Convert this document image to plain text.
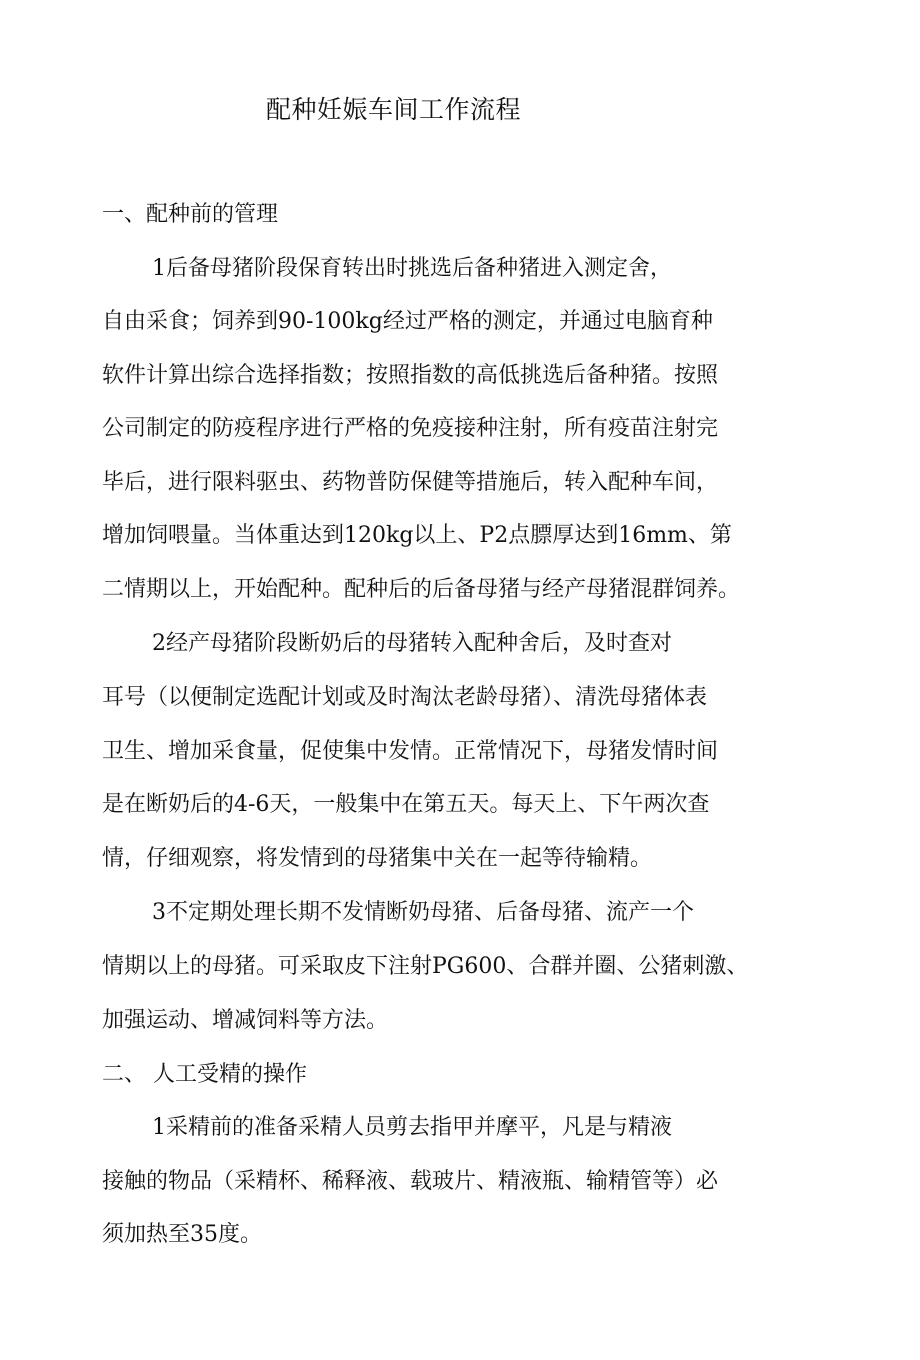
配种妊娠车间工作流程
一、配种前的管理
1后备母猪阶段保育转出时挑选后备种猪进入测定舍，
自由采食；饲养到90-100kg经过严格的测定，并通过电脑育种
软件计算出综合选择指数；按照指数的高低挑选后备种猪。按照
公司制定的防疫程序进行严格的免疫接种注射，所有疫苗注射完
毕后，进行限料驱虫、药物普防保健等措施后，转入配种车间，
增加饲喂量。当体重达到120kg以上、P2点膘厚达到16mm、第
二情期以上，开始配种。配种后的后备母猪与经产母猪混群饲养。
2经产母猪阶段断奶后的母猪转入配种舍后，及时查对
耳号（以便制定选配计划或及时淘汰老龄母猪）、清洗母猪体表
卫生、增加采食量，促使集中发情。正常情况下，母猪发情时间
是在断奶后的4-6天，一般集中在第五天。每天上、下午两次查
情，仔细观察，将发情到的母猪集中关在一起等待输精。
3不定期处理长期不发情断奶母猪、后备母猪、流产一个
情期以上的母猪。可采取皮下注射PG600、合群并圈、公猪刺激、
加强运动、增减饲料等方法。
二、 人工受精的操作
1采精前的准备采精人员剪去指甲并摩平，凡是与精液
接触的物品（采精杯、稀释液、载玻片、精液瓶、输精管等）必
须加热至35度。
